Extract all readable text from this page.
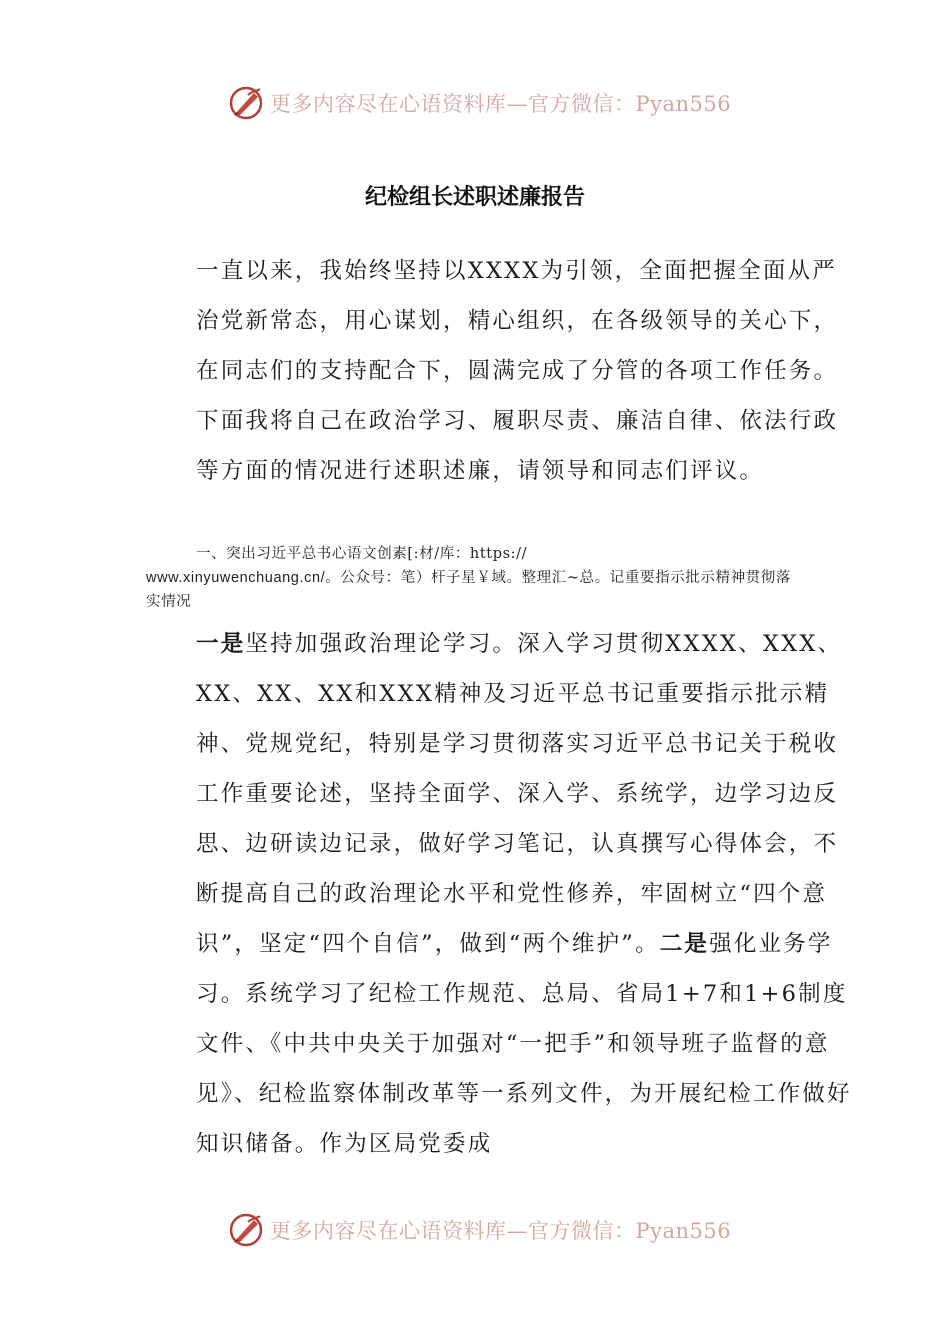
更多内容尽在心语资料库—官方微信：Pyan556
纪检组长述职述廉报告

一直以来，我始终坚持以XXXX为引领，全面把握全面从严治党新常态，用心谋划，精心组织，在各级领导的关心下，在同志们的支持配合下，圆满完成了分管的各项工作任务。下面我将自己在政治学习、履职尽责、廉洁自律、依法行政等方面的情况进行述职述廉，请领导和同志们评议。

一、突出习近平总书心语文创素[:材/库：https://
www.xinyuwenchuang.cn/。公众号：笔）杆子星￥域。整理汇~总。记重要指示批示精神贯彻落实情况

一是坚持加强政治理论学习。深入学习贯彻XXXX、XXX、XX、XX、XX和XXX精神及习近平总书记重要指示批示精神、党规党纪，特别是学习贯彻落实习近平总书记关于税收工作重要论述，坚持全面学、深入学、系统学，边学习边反思、边研读边记录，做好学习笔记，认真撰写心得体会，不断提高自己的政治理论水平和党性修养，牢固树立“四个意识”，坚定“四个自信”，做到“两个维护”。二是强化业务学习。系统学习了纪检工作规范、总局、省局1+7和1+6制度文件、《中共中央关于加强对“一把手”和领导班子监督的意见》、纪检监察体制改革等一系列文件，为开展纪检工作做好知识储备。作为区局党委成

更多内容尽在心语资料库—官方微信：Pyan556
